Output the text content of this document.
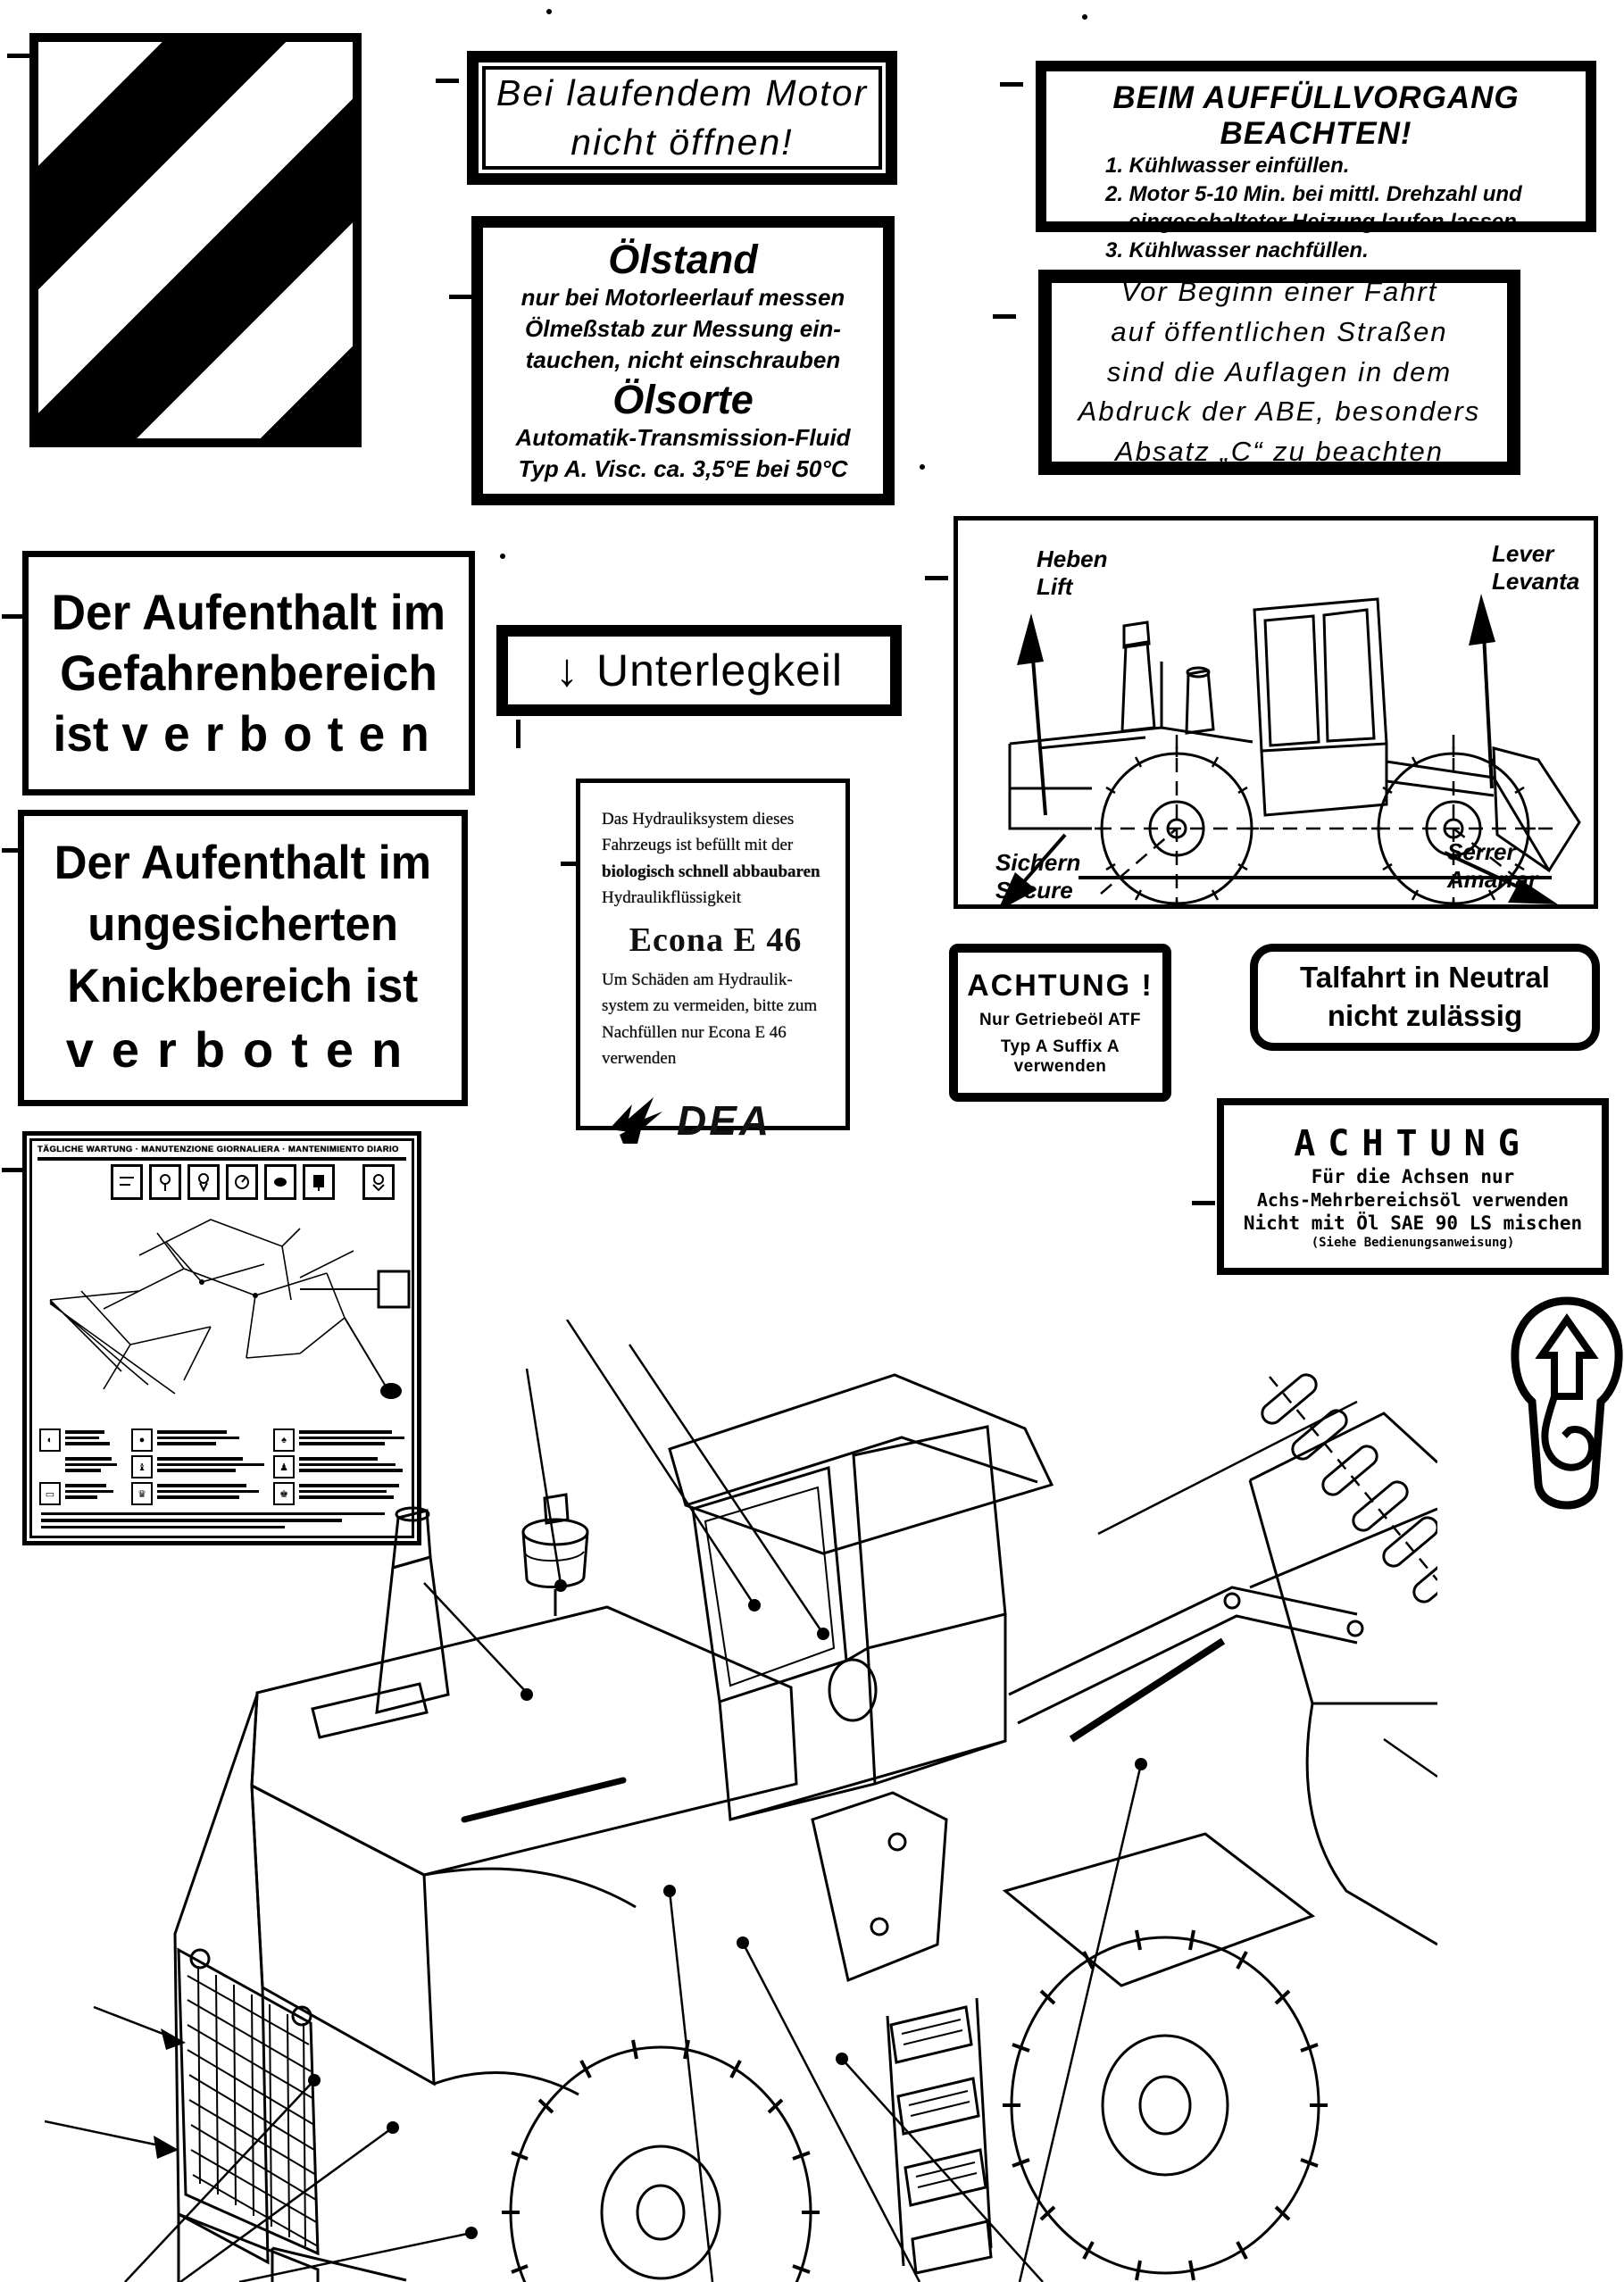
Bei laufendem Motor
nicht öffnen!
BEIM AUFFÜLLVORGANG BEACHTEN!
1. Kühlwasser einfüllen.
2. Motor 5-10 Min. bei mittl. Drehzahl und
eingeschalteter Heizung laufen lassen.
3. Kühlwasser nachfüllen.
Ölstand
nur bei Motorleerlauf messen
Ölmeßstab zur Messung ein-
tauchen, nicht einschrauben
Ölsorte
Automatik-Transmission-Fluid
Typ A. Visc. ca. 3,5°E bei 50°C
Vor Beginn einer Fahrt
auf öffentlichen Straßen
sind die Auflagen in dem
Abdruck der ABE, besonders
Absatz „C“ zu beachten
Heben
Lift
Lever
Levanta
Sichern
Secure
Serrer
Amarrar
Der Aufenthalt im
Gefahrenbereich
ist verboten
↓ Unterlegkeil
Der Aufenthalt im
ungesicherten
Knickbereich ist
verboten
Das Hydrauliksystem dieses
Fahrzeugs ist befüllt mit der
biologisch schnell abbaubaren
Hydraulikflüssigkeit
Econa E 46
Um Schäden am Hydraulik-
system zu vermeiden, bitte zum
Nachfüllen nur Econa E 46
verwenden
DEA
ACHTUNG !
Nur Getriebeöl ATF
Typ A Suffix A verwenden
Talfahrt in Neutral
nicht zulässig
ACHTUNG
Für die Achsen nur
Achs-Mehrbereichsöl verwenden
Nicht mit Öl SAE 90 LS mischen
(Siehe Bedienungsanweisung)
TÄGLICHE WARTUNG · MANUTENZIONE GIORNALIERA · MANTENIMIENTO DIARIO
◐	●	♠
♝	♟
▭	♛	♚
